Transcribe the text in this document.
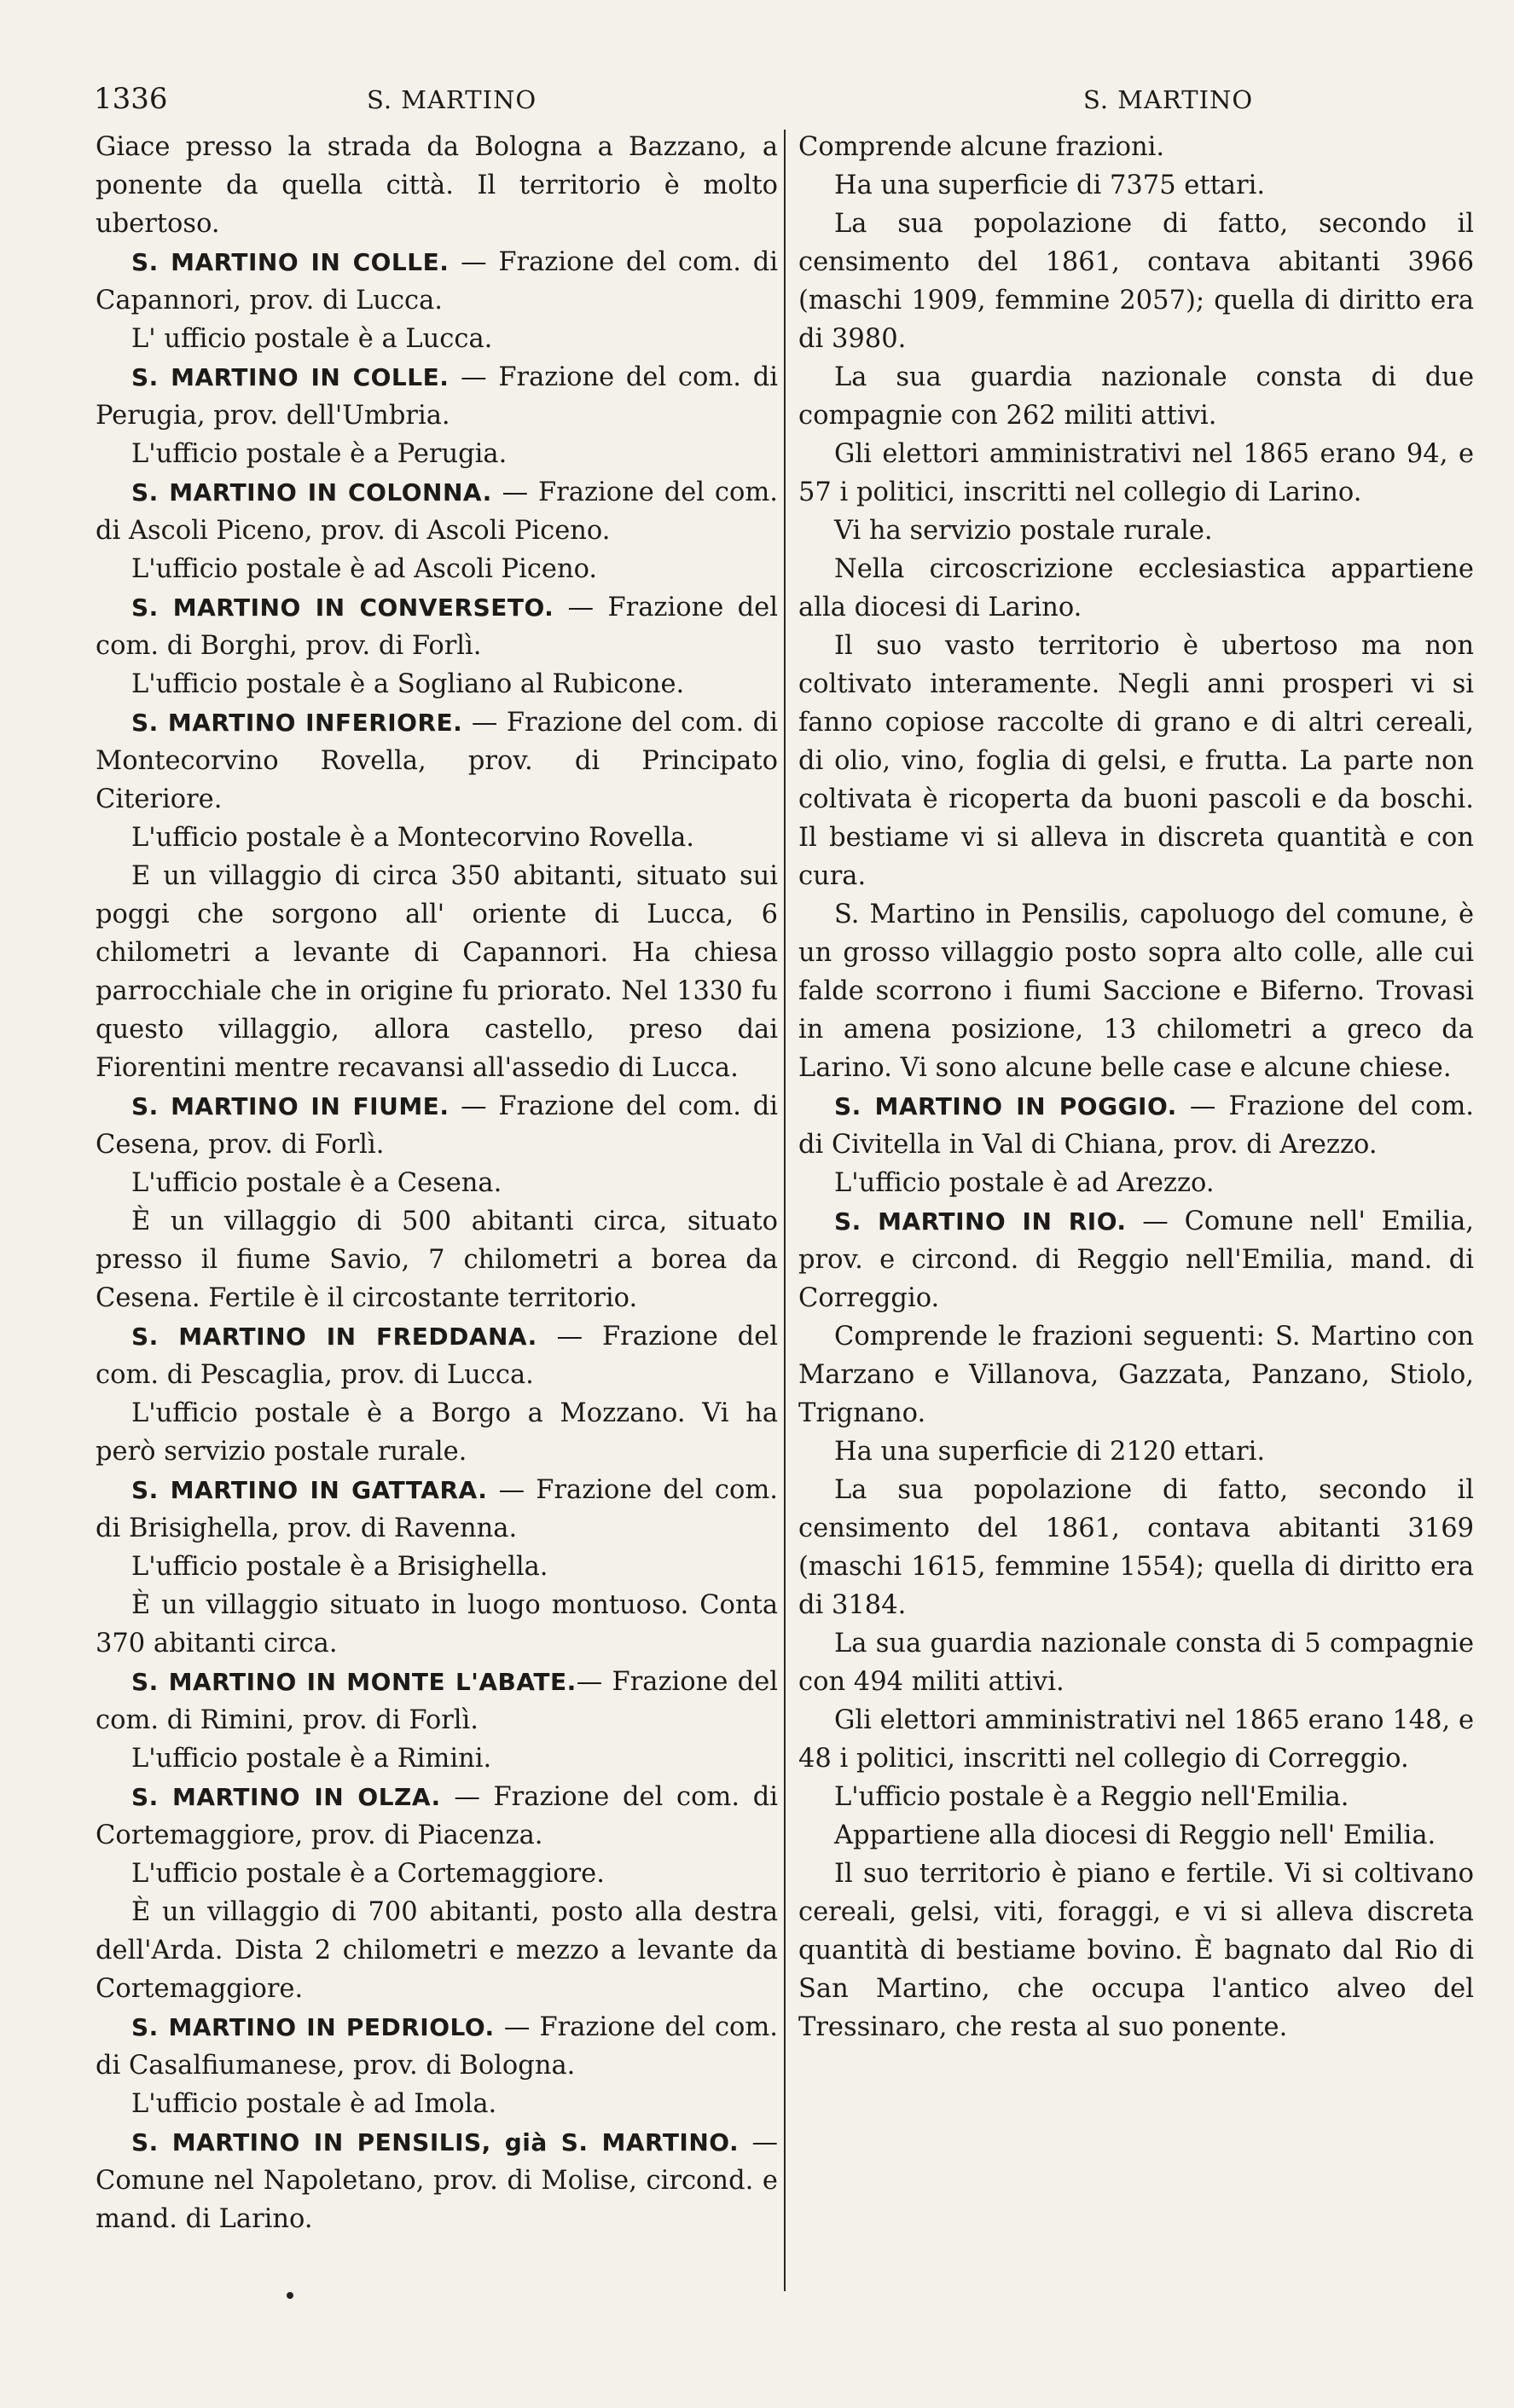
1336	S. MARTINO	S. MARTINO

Giace presso la strada da Bologna a Bazzano, a ponente da quella città. Il territorio è molto ubertoso.

S. MARTINO IN COLLE. — Frazione del com. di Capannori, prov. di Lucca.

L' ufficio postale è a Lucca.

S. MARTINO IN COLLE. — Frazione del com. di Perugia, prov. dell'Umbria.

L'ufficio postale è a Perugia.

S. MARTINO IN COLONNA. — Frazione del com. di Ascoli Piceno, prov. di Ascoli Piceno.

L'ufficio postale è ad Ascoli Piceno.

S. MARTINO IN CONVERSETO. — Frazione del com. di Borghi, prov. di Forlì.

L'ufficio postale è a Sogliano al Rubicone.

S. MARTINO INFERIORE. — Frazione del com. di Montecorvino Rovella, prov. di Principato Citeriore.

L'ufficio postale è a Montecorvino Rovella.

E un villaggio di circa 350 abitanti, situato sui poggi che sorgono all' oriente di Lucca, 6 chilometri a levante di Capannori. Ha chiesa parrocchiale che in origine fu priorato. Nel 1330 fu questo villaggio, allora castello, preso dai Fiorentini mentre recavansi all'assedio di Lucca.

S. MARTINO IN FIUME. — Frazione del com. di Cesena, prov. di Forlì.

L'ufficio postale è a Cesena.

È un villaggio di 500 abitanti circa, situato presso il fiume Savio, 7 chilometri a borea da Cesena. Fertile è il circostante territorio.

S. MARTINO IN FREDDANA. — Frazione del com. di Pescaglia, prov. di Lucca.

L'ufficio postale è a Borgo a Mozzano. Vi ha però servizio postale rurale.

S. MARTINO IN GATTARA. — Frazione del com. di Brisighella, prov. di Ravenna.

L'ufficio postale è a Brisighella.

È un villaggio situato in luogo montuoso. Conta 370 abitanti circa.

S. MARTINO IN MONTE L'ABATE.— Frazione del com. di Rimini, prov. di Forlì.

L'ufficio postale è a Rimini.

S. MARTINO IN OLZA. — Frazione del com. di Cortemaggiore, prov. di Piacenza.

L'ufficio postale è a Cortemaggiore.

È un villaggio di 700 abitanti, posto alla destra dell'Arda. Dista 2 chilometri e mezzo a levante da Cortemaggiore.

S. MARTINO IN PEDRIOLO. — Frazione del com. di Casalfiumanese, prov. di Bologna.

L'ufficio postale è ad Imola.

S. MARTINO IN PENSILIS, già S. MARTINO. — Comune nel Napoletano, prov. di Molise, circond. e mand. di Larino.

Comprende alcune frazioni.

Ha una superficie di 7375 ettari.

La sua popolazione di fatto, secondo il censimento del 1861, contava abitanti 3966 (maschi 1909, femmine 2057); quella di diritto era di 3980.

La sua guardia nazionale consta di due compagnie con 262 militi attivi.

Gli elettori amministrativi nel 1865 erano 94, e 57 i politici, inscritti nel collegio di Larino.

Vi ha servizio postale rurale.

Nella circoscrizione ecclesiastica appartiene alla diocesi di Larino.

Il suo vasto territorio è ubertoso ma non coltivato interamente. Negli anni prosperi vi si fanno copiose raccolte di grano e di altri cereali, di olio, vino, foglia di gelsi, e frutta. La parte non coltivata è ricoperta da buoni pascoli e da boschi. Il bestiame vi si alleva in discreta quantità e con cura.

S. Martino in Pensilis, capoluogo del comune, è un grosso villaggio posto sopra alto colle, alle cui falde scorrono i fiumi Saccione e Biferno. Trovasi in amena posizione, 13 chilometri a greco da Larino. Vi sono alcune belle case e alcune chiese.

S. MARTINO IN POGGIO. — Frazione del com. di Civitella in Val di Chiana, prov. di Arezzo.

L'ufficio postale è ad Arezzo.

S. MARTINO IN RIO. — Comune nell' Emilia, prov. e circond. di Reggio nell'Emilia, mand. di Correggio.

Comprende le frazioni seguenti: S. Martino con Marzano e Villanova, Gazzata, Panzano, Stiolo, Trignano.

Ha una superficie di 2120 ettari.

La sua popolazione di fatto, secondo il censimento del 1861, contava abitanti 3169 (maschi 1615, femmine 1554); quella di diritto era di 3184.

La sua guardia nazionale consta di 5 compagnie con 494 militi attivi.

Gli elettori amministrativi nel 1865 erano 148, e 48 i politici, inscritti nel collegio di Correggio.

L'ufficio postale è a Reggio nell'Emilia.

Appartiene alla diocesi di Reggio nell' Emilia.

Il suo territorio è piano e fertile. Vi si coltivano cereali, gelsi, viti, foraggi, e vi si alleva discreta quantità di bestiame bovino. È bagnato dal Rio di San Martino, che occupa l'antico alveo del Tressinaro, che resta al suo ponente.
